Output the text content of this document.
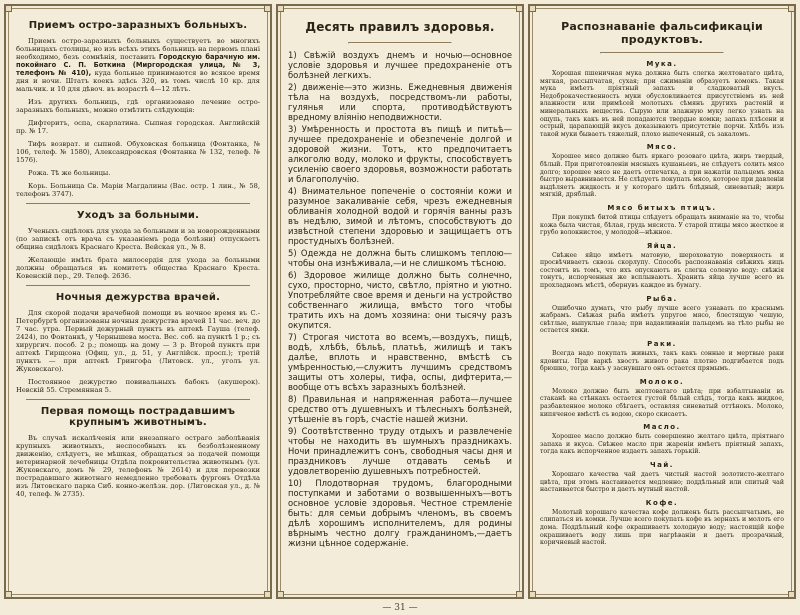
Приемъ остро-заразныхъ больныхъ.

Приемъ остро-заразныхъ больныхъ существуетъ во многихъ больницахъ столицы, но изъ всѣхъ этихъ больницъ на первомъ плані необходимо, безъ сомнѣнія, поставить Городскую барачную им. покойнаго С. П. Боткина (Миргородская улица, № 3, телефонъ № 410), куда больные принимаются во всякое время дня и ночи. Штатъ коекъ здѣсь 320, въ томъ числѣ 10 кр. для мальчик. и 10 для дѣвоч. въ возрастѣ 4—12 лѣтъ.

Изъ другихъ больницъ, гдѣ организовано лечение остро-заразныхъ больныхъ, можно отмѣтить слѣдующія:

Дифтеритъ, оспа, скарлатина. Сыпная городская. Английскій пр. № 17.

Тифъ возврат. и сыпной. Обуховская больница (Фонтанка, № 106, телеф. № 1580), Александровская (Фонтанка № 132, телеф. № 1576).

Рожа. Тѣ же больницы.

Корь. Больница Св. Маріи Магдалины (Вас. остр. 1 лин., № 58, телефонъ 3747).

Уходъ за больными.

Ученыхъ сидѣлокъ для ухода за больными и за новорожденными (по запискѣ отъ врача съ указаніемъ рода болѣзни) отпускаетъ община сидѣлокъ Краснаго Креста. Вейская ул., № 8.

Желающіе имѣть брата милосердія для ухода за больными должны обращаться въ комитетъ общества Краснаго Креста. Ковенскій пер., 29. Телеф. 2636.

Ночныя дежурства врачей.

Для скорой подачи врачебной помощи въ ночное время въ С.-Петербургѣ организованы ночныя дежурства врачей 11 час. веч. до 7 час. утра. Первый дежурный пунктъ въ аптекѣ Гауша (телеф. 2424), по Фонтанкѣ, у Чернышева моста. Вес. соб. на пунктѣ 1 р.; съ хирургич. пособ. 2 р.; помощь на дому — 3 р. Второй пунктъ при аптекѣ Гирщсона (Офиц. ул., д. 51, у Англійск. просп.); третій пунктъ — при аптекѣ Грингофа (Литовск. ул., уголъ ул. Жуковскаго).

Постоянное дежурство повивальныхъ бабокъ (акушерок). Невскій 55. Стремянная 5.

Первая помощь пострадавшимъ крупнымъ животнымъ.

Въ случаѣ искалѣченія или внезапнаго остраго заболѣванія крупныхъ животныхъ, неспособныхъ къ безболѣзненному движенію, слѣдуетъ, не мѣшкая, обращаться за подачей помощи ветеринарной лечебницы Отдѣла покровительства животнымъ (ул. Жуковскаго, домъ № 29, телефонъ № 2614) и для перевозки пострадавшаго животнаго немедленно требовать фургонъ Отдѣла изъ Литовскаго парка Сиб. конно-желѣзн. дор. (Лиговская ул., д. № 40, телеф. № 2735).

Десять правилъ здоровья.

1) Свѣжій воздухъ днемъ и ночью—основное условіе здоровья и лучшее предохраненіе отъ болѣзней легкихъ.

2) движеніе—это жизнь. Ежедневныя движенія тѣла на воздухѣ, посредствомъ-ли работы, гулянья или спорта, противодѣйствуютъ вредному вліянію неподвижности.

3) Умѣренность и простота въ пищѣ и питьѣ—лучшее предохраненіе и обезпеченіе долгой и здоровой жизни. Тотъ, кто предпочитаетъ алкоголю воду, молоко и фрукты, способствуетъ усиленію своего здоровья, возможности работать и благополучію.

4) Внимательное попеченіе о состояніи кожи и разумное закаливаніе себя, чрезъ ежедневныя обливанія холодной водой и горячія ванны разъ въ недѣлю, зимой и лѣтомъ, способствуютъ до извѣстной степени здоровью и защищаетъ отъ простудныхъ болѣзней.

5) Одежда не должна быть слишкомъ теплою—чтобы она изнѣживала,—и не слишкомъ тѣсною.

6) Здоровое жилище должно быть солнечно, сухо, просторно, чисто, свѣтло, пріятно и уютно. Употребляйте свое время и деньги на устройство собственнаго жилища, вмѣсто того чтобы тратить ихъ на домъ хозяина: они тысячу разъ окупится.

7) Строгая чистота во всемъ,—воздухъ, пищѣ, водѣ, хлѣбѣ, бѣльѣ, платьѣ, жилищѣ и такъ далѣе, вплоть и нравственно, вмѣстѣ съ умѣренностью,—служитъ лучшимъ средствомъ защиты отъ холеры, тифа, оспы, дифтерита,—вообще отъ всѣхъ заразныхъ болѣзней.

8) Правильная и напряженная работа—лучшее средство отъ душевныхъ и тѣлесныхъ болѣзней, утѣшеніе въ горѣ, счастіе нашей жизни.

9) Соотвѣтственно труду отдыхъ и развлеченіе чтобы не находить въ шумныхъ праздникахъ. Ночи принадлежитъ сонъ, свободныя часы дня и праздниковъ лучше отдавать семьѣ и удовлетворенію душевныхъ потребностей.

10) Плодотворная трудомъ, благородными поступками и заботами о возвышенныхъ—вотъ основное условіе здоровья. Честное стремленіе быть: для семьи добрымъ членомъ, въ своемъ дѣлѣ хорошимъ исполнителемъ, для родины вѣрнымъ честно долгу гражданиномъ,—даетъ жизни цѣнное содержаніе.

Распознаваніе фальсификаціи продуктовъ.
Мука.

Хорошая пшеничная мука должна быть слегка желтоватаго цвѣта, мягкая, рассыпчатая, сухая; при сжиманіи образуетъ комокъ. Такая мука имѣетъ пріятный запахъ и сладковатый вкусъ. Недоброкачественность муки обусловливается присутствіемъ въ ней влажности или примѣсей молотыхъ сѣмянъ другихъ растеній и минеральныхъ веществъ. Сырую или влажную муку легко узнать на ощупь, такъ какъ въ ней попадаются твердые комки; запахъ плѣсени и острый, царапающій вкусъ доказываютъ присутствіе порчи. Хлѣбъ изъ такой муки бываетъ тяжелый, плохо выпеченный, съ закаломъ.

Мясо.

Хорошее мясо должно быть яркаго розоваго цвѣта, жиръ твердый, бѣлый. При приготовленіи мясныхъ кушаньевъ, не слѣдуетъ солить мясо долго; хорошее мясо не даетъ отпечатка, а при нажатіи пальцемъ ямка быстро выравнивается. Не слѣдуетъ покупать мясо, которое при давленіи выдѣляетъ жидкость и у котораго цвѣтъ блѣдный, синеватый; жиръ мягкій, дряблый.

Мясо битыхъ птицъ.

При покупкѣ битой птицы слѣдуетъ обращать вниманіе на то, чтобы кожа была чистая, бѣлая, грудь мясиста. У старой птицы мясо жесткое и грубо волокнистое, у молодой—нѣжное.

Яйца.

Свѣжее яйцо имѣетъ матовую, шероховатую поверхность и просвѣчиваетъ сквозь скорлупу. Способъ распознаванія свѣжихъ яицъ состоитъ въ томъ, что ихъ опускаютъ въ слегка соленую воду: свѣжія тонутъ, испорченныя же всплываютъ. Хранить яйца лучше всего въ прохладномъ мѣстѣ, обернувъ каждое въ бумагу.

Рыба.

Ошибочно думать, что рыбу лучше всего узнавать по краснымъ жабрамъ. Свѣжая рыба имѣетъ упругое мясо, блестящую чешую, свѣтлые, выпуклые глаза; при надавливаніи пальцемъ на тѣло рыбы не остается ямки.

Раки.

Всегда надо покупать живыхъ, такъ какъ сонные и мертвые раки ядовиты. При варкѣ хвостъ живого рака плотно подгибается подъ брюшко, тогда какъ у заснувшаго онъ остается прямымъ.

Молоко.

Молоко должно быть желтоватаго цвѣта; при взбалтываніи въ стаканѣ на стѣнкахъ остается густой бѣлый слѣдъ, тогда какъ жидкое, разбавленное молоко сбѣгаетъ, оставляя синеватый оттѣнокъ. Молоко, кипяченое вмѣстѣ съ водою, скоро скисаетъ.

Масло.

Хорошее масло должно быть совершенно желтаго цвѣта, пріятнаго запаха и вкуса. Свѣжее масло при жареніи имѣетъ пріятный запахъ, тогда какъ испорченное издаетъ запахъ горькій.

Чай.

Хорошаго качества чай даетъ чистый настой золотисто-желтаго цвѣта, при этомъ настаивается медленно; поддѣльный или спитый чай настаивается быстро и даетъ мутный настой.

Кофе.

Молотый хорошаго качества кофе долженъ быть рассыпчатымъ, не слипаться въ комки. Лучше всего покупать кофе въ зернахъ и молоть его дома. Поддѣльный кофе окрашиваетъ холодную воду; настоящій кофе окрашиваетъ воду лишь при нагрѣваніи и даетъ прозрачный, коричневый настой.

— 31 —
